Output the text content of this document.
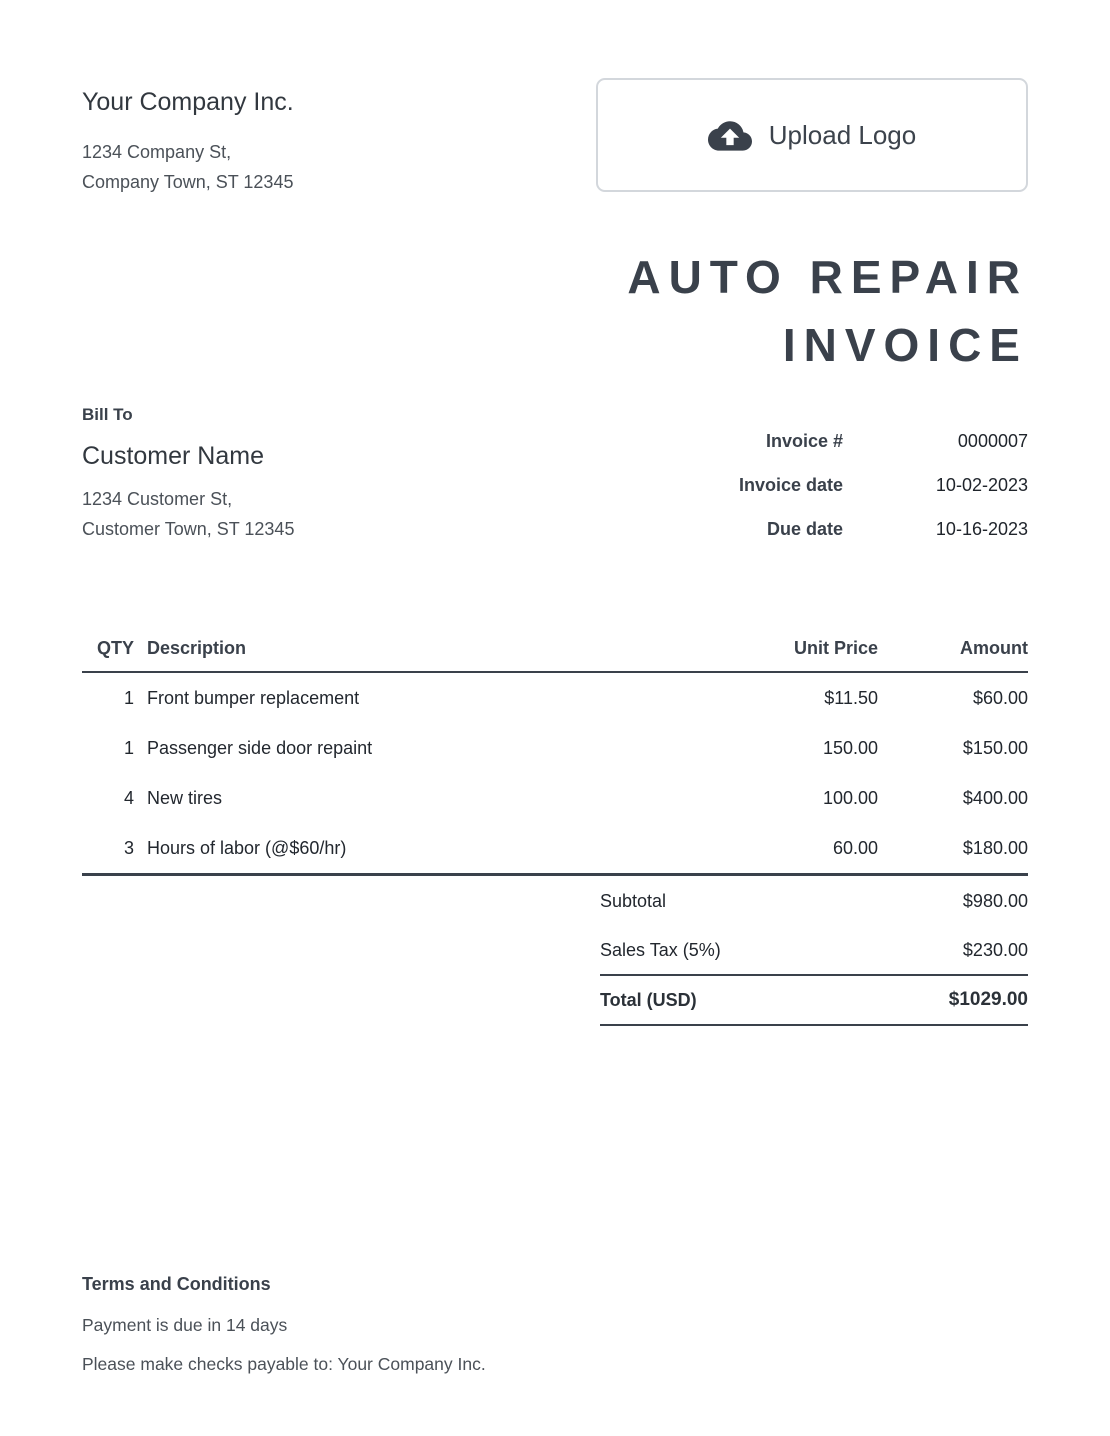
Your Company Inc.
1234 Company St,
Company Town, ST 12345
Upload Logo
AUTO REPAIR INVOICE
Bill To
Customer Name
1234 Customer St,
Customer Town, ST 12345
Invoice #	0000007
Invoice date	10-02-2023
Due date	10-16-2023
QTY Description	Unit Price	Amount
1 Front bumper replacement	$11.50	$60.00
1 Passenger side door repaint	150.00	$150.00
4 New tires	100.00	$400.00
3 Hours of labor (@$60/hr)	60.00	$180.00
Subtotal	$980.00
Sales Tax (5%)	$230.00
Total (USD)	$1029.00
Terms and Conditions
Payment is due in 14 days
Please make checks payable to: Your Company Inc.
